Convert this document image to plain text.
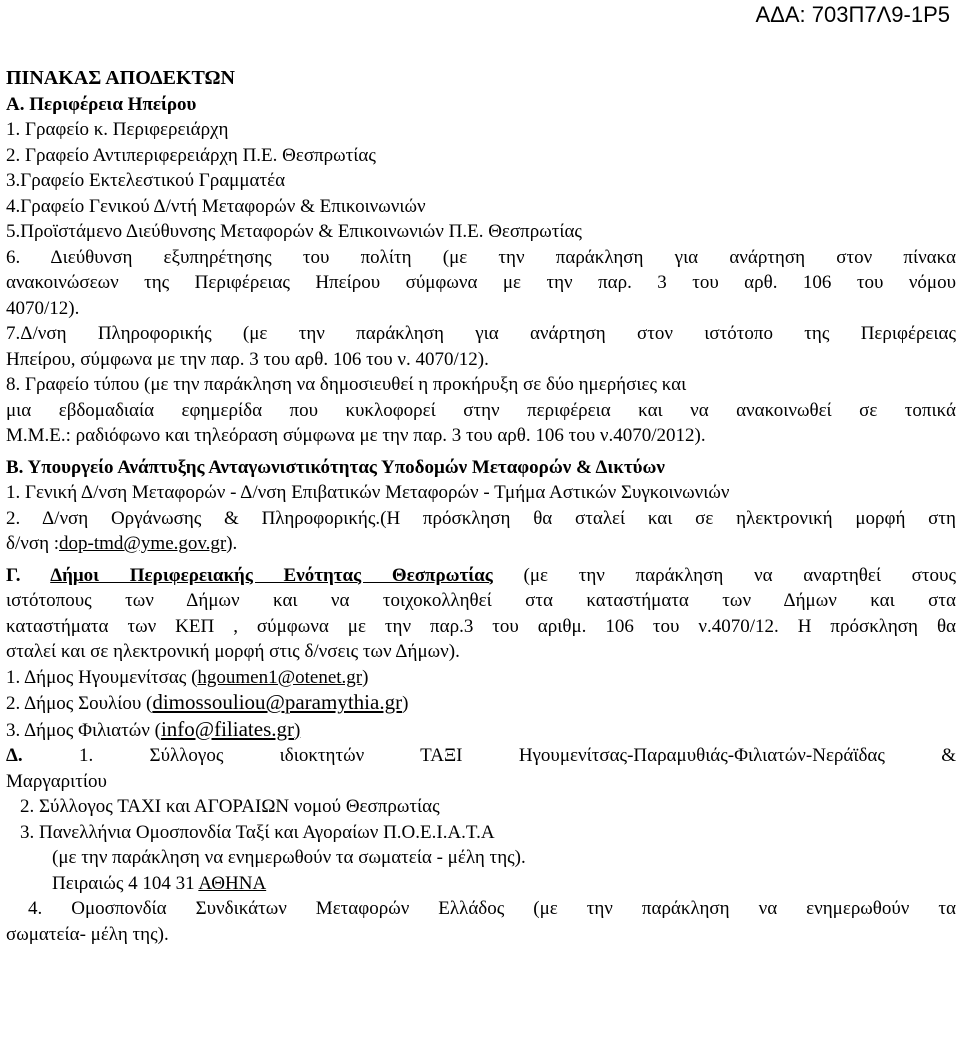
ΑΔΑ: 703Π7Λ9-1Ρ5

ΠΙΝΑΚΑΣ ΑΠΟΔΕΚΤΩΝ

Α. Περιφέρεια Ηπείρου

1. Γραφείο κ. Περιφερειάρχη

2. Γραφείο Αντιπεριφερειάρχη Π.Ε. Θεσπρωτίας

3.Γραφείο Εκτελεστικού Γραμματέα

4.Γραφείο Γενικού Δ/ντή Μεταφορών & Επικοινωνιών

5.Προϊστάμενο Διεύθυνσης Μεταφορών & Επικοινωνιών Π.Ε. Θεσπρωτίας

6. Διεύθυνση εξυπηρέτησης του πολίτη (με την παράκληση για ανάρτηση στον πίνακα

ανακοινώσεων της Περιφέρειας Ηπείρου σύμφωνα με την παρ. 3 του αρθ. 106 του νόμου

4070/12).

7.Δ/νση Πληροφορικής (με την παράκληση για ανάρτηση στον ιστότοπο της Περιφέρειας

Ηπείρου, σύμφωνα με την παρ. 3 του αρθ. 106 του ν. 4070/12).

8. Γραφείο τύπου (με την παράκληση να δημοσιευθεί η προκήρυξη σε δύο ημερήσιες και

μια εβδομαδιαία εφημερίδα που κυκλοφορεί στην περιφέρεια και να ανακοινωθεί σε τοπικά

Μ.Μ.Ε.: ραδιόφωνο και τηλεόραση σύμφωνα με την παρ. 3 του αρθ. 106 του ν.4070/2012).

Β. Υπουργείο Ανάπτυξης Ανταγωνιστικότητας Υποδομών Μεταφορών & Δικτύων

1. Γενική Δ/νση Μεταφορών - Δ/νση Επιβατικών Μεταφορών - Τμήμα Αστικών Συγκοινωνιών

2. Δ/νση Οργάνωσης & Πληροφορικής.(Η πρόσκληση θα σταλεί και σε ηλεκτρονική μορφή στη

δ/νση :dop-tmd@yme.gov.gr).

Γ. Δήμοι Περιφερειακής Ενότητας Θεσπρωτίας (με την παράκληση να αναρτηθεί στους

ιστότοπους των Δήμων και να τοιχοκολληθεί στα καταστήματα των Δήμων και στα

καταστήματα των ΚΕΠ , σύμφωνα με την παρ.3 του αριθμ. 106 του ν.4070/12. Η πρόσκληση θα

σταλεί και σε ηλεκτρονική μορφή στις δ/νσεις των Δήμων).

1. Δήμος Ηγουμενίτσας (hgoumen1@otenet.gr)

2. Δήμος Σουλίου (dimossouliou@paramythia.gr)

3. Δήμος Φιλιατών (info@filiates.gr)

Δ. 1. Σύλλογος ιδιοκτητών ΤΑΞΙ Ηγουμενίτσας-Παραμυθιάς-Φιλιατών-Νεράϊδας &

Μαργαριτίου

2. Σύλλογος ΤΑΧΙ και ΑΓΟΡΑΙΩΝ νομού Θεσπρωτίας

3. Πανελλήνια Ομοσπονδία Ταξί και Αγοραίων Π.Ο.Ε.Ι.Α.Τ.Α

(με την παράκληση να ενημερωθούν τα σωματεία - μέλη της).

Πειραιώς 4 104 31 ΑΘΗΝΑ

4. Ομοσπονδία Συνδικάτων Μεταφορών Ελλάδος (με την παράκληση να ενημερωθούν τα

σωματεία- μέλη της).
